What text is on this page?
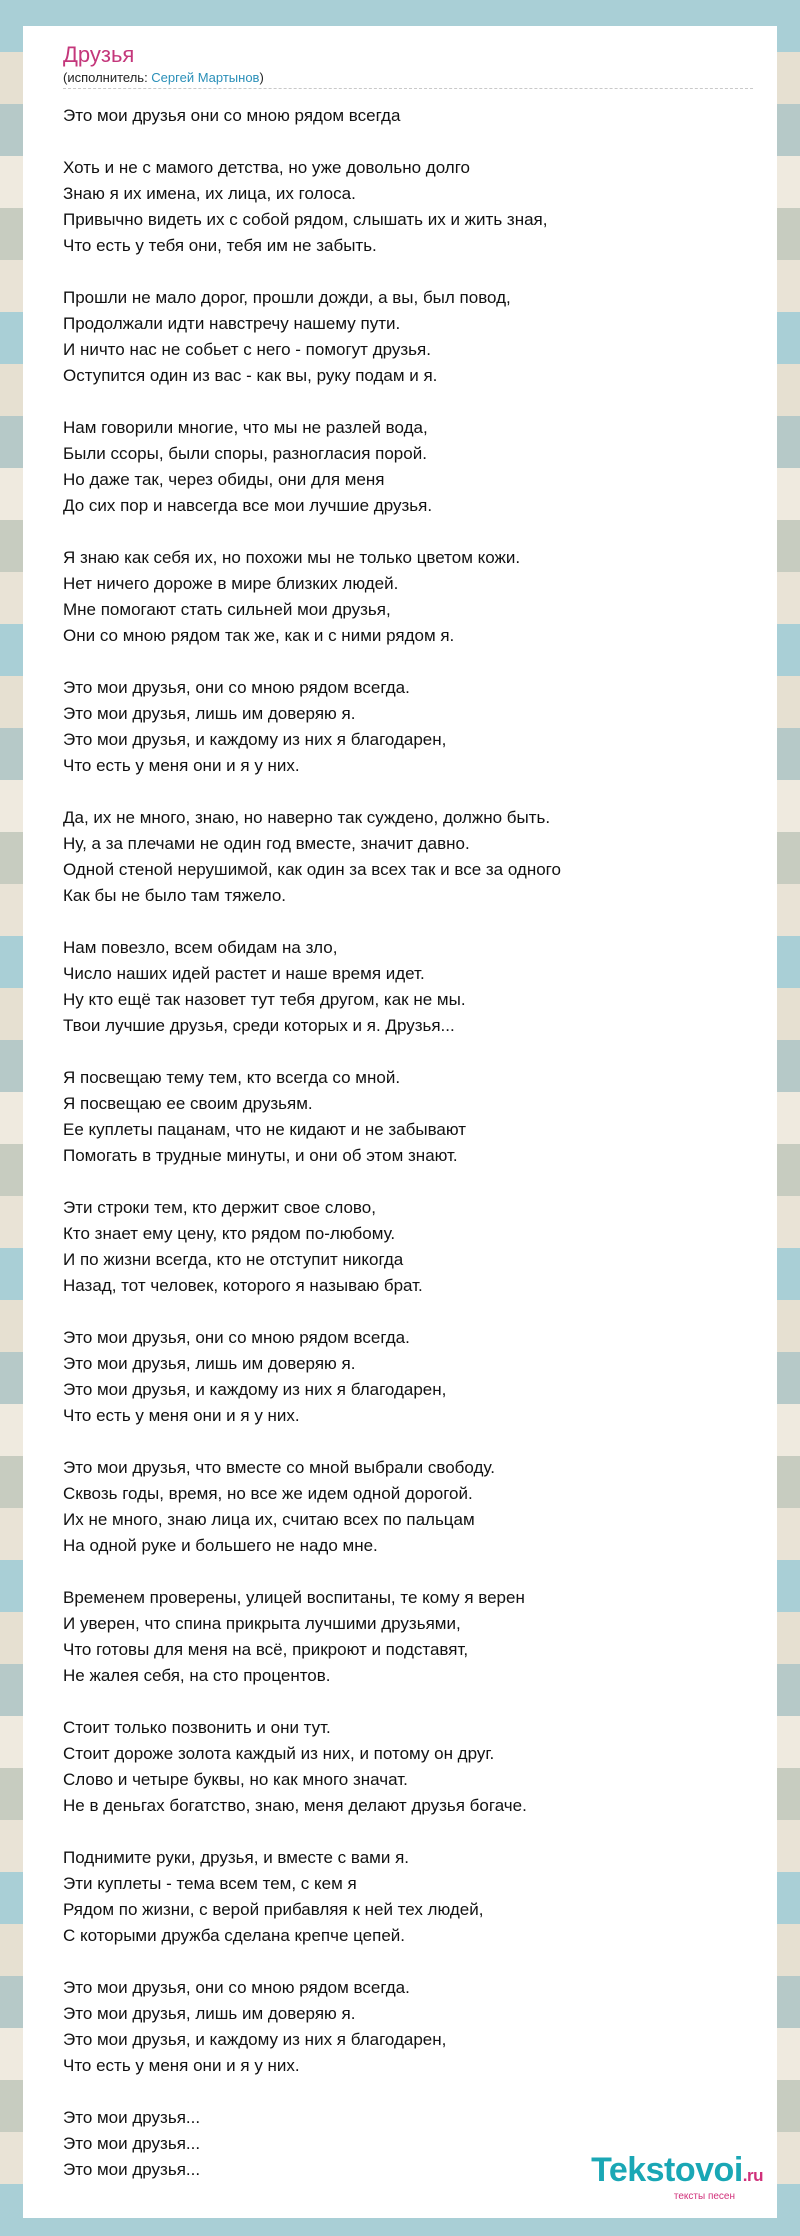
Друзья
(исполнитель: Сергей Мартынов)
Это мои друзья они со мною рядом всегда
Хоть и не с мамого детства, но уже довольно долго
Знаю я их имена, их лица, их голоса.
Привычно видеть их с собой рядом, слышать их и жить зная,
Что есть у тебя они, тебя им не забыть.
Прошли не мало дорог, прошли дожди, а вы, был повод,
Продолжали идти навстречу нашему пути.
И ничто нас не собьет с него - помогут друзья.
Оступится один из вас - как вы, руку подам и я.
Нам говорили многие, что мы не разлей вода,
Были ссоры, были споры, разногласия порой.
Но даже так, через обиды, они для меня
До сих пор и навсегда все мои лучшие друзья.
Я знаю как себя их, но похожи мы не только цветом кожи.
Нет ничего дороже в мире близких людей.
Мне помогают стать сильней мои друзья,
Они со мною рядом так же, как и с ними рядом я.
Это мои друзья, они со мною рядом всегда.
Это мои друзья, лишь им доверяю я.
Это мои друзья, и каждому из них я благодарен,
Что есть у меня они и я у них.
Да, их не много, знаю, но наверно так суждено, должно быть.
Ну, а за плечами не один год вместе, значит давно.
Одной стеной нерушимой, как один за всех так и все за одного
Как бы не было там тяжело.
Нам повезло, всем обидам на зло,
Число наших идей растет и наше время идет.
Ну кто ещё так назовет тут тебя другом, как не мы.
Твои лучшие друзья, среди которых и я. Друзья...
Я посвещаю тему тем, кто всегда со мной.
Я посвещаю ее своим друзьям.
Ее куплеты пацанам, что не кидают и не забывают
Помогать в трудные минуты, и они об этом знают.
Эти строки тем, кто держит свое слово,
Кто знает ему цену, кто рядом по-любому.
И по жизни всегда, кто не отступит никогда
Назад, тот человек, которого я называю брат.
Это мои друзья, они со мною рядом всегда.
Это мои друзья, лишь им доверяю я.
Это мои друзья, и каждому из них я благодарен,
Что есть у меня они и я у них.
Это мои друзья, что вместе со мной выбрали свободу.
Сквозь годы, время, но все же идем одной дорогой.
Их не много, знаю лица их, считаю всех по пальцам
На одной руке и большего не надо мне.
Временем проверены, улицей воспитаны, те кому я верен
И уверен, что спина прикрыта лучшими друзьями,
Что готовы для меня на всё, прикроют и подставят,
Не жалея себя, на сто процентов.
Стоит только позвонить и они тут.
Стоит дороже золота каждый из них, и потому он друг.
Слово и четыре буквы, но как много значат.
Не в деньгах богатство, знаю, меня делают друзья богаче.
Поднимите руки, друзья, и вместе с вами я.
Эти куплеты - тема всем тем, с кем я
Рядом по жизни, с верой прибавляя к ней тех людей,
С которыми дружба сделана крепче цепей.
Это мои друзья, они со мною рядом всегда.
Это мои друзья, лишь им доверяю я.
Это мои друзья, и каждому из них я благодарен,
Что есть у меня они и я у них.
Это мои друзья...
Это мои друзья...
Это мои друзья...	Tekstovoi.ru
тексты песен
